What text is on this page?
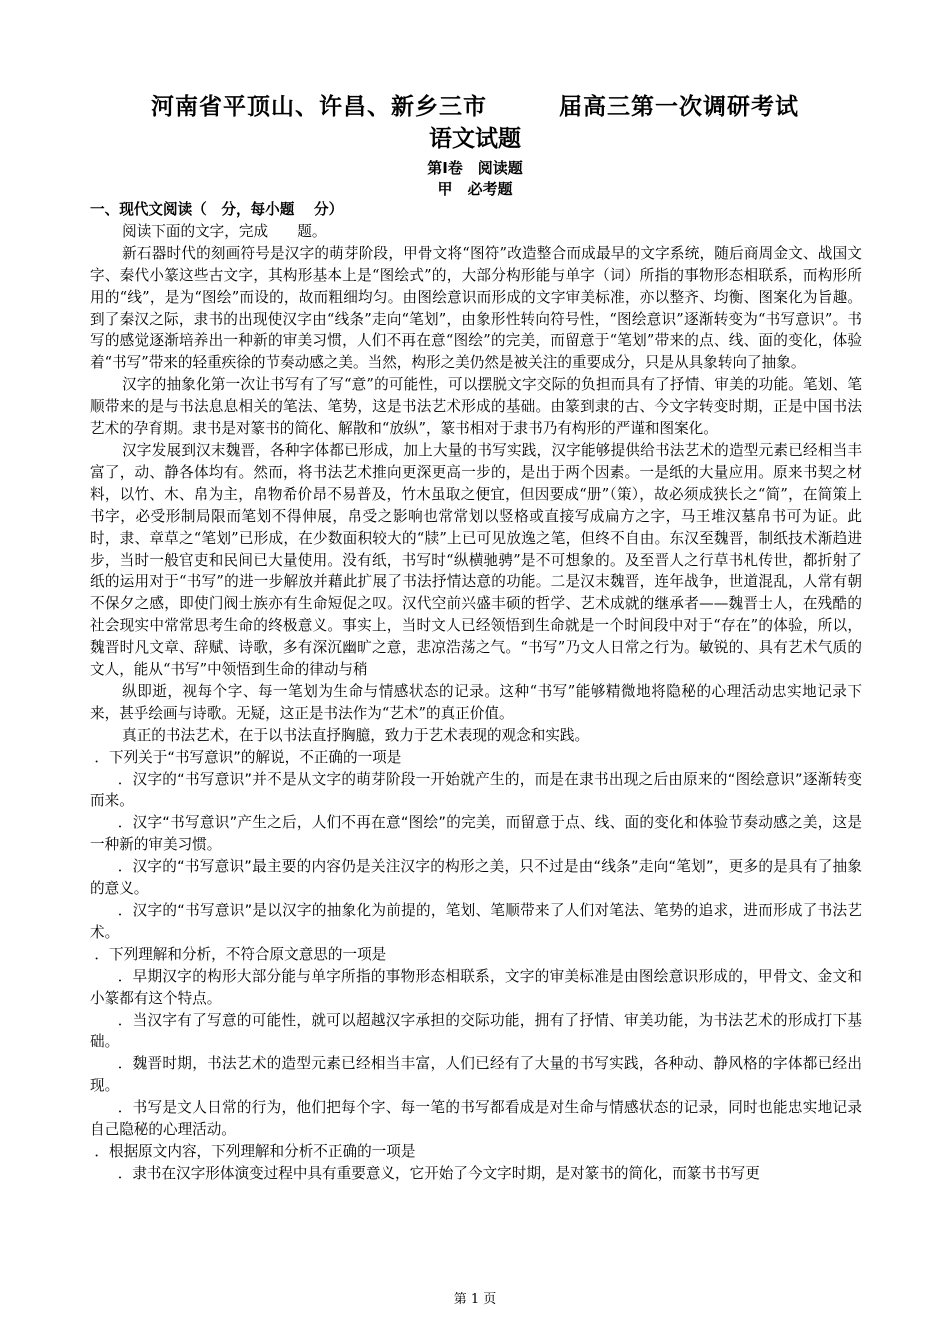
河南省平顶山、许昌、新乡三市　　　届高三第一次调研考试
语文试题
第Ⅰ卷　阅读题
甲　必考题

一、现代文阅读（　分，每小题　 分）

阅读下面的文字，完成　　题。

新石器时代的刻画符号是汉字的萌芽阶段，甲骨文将“图符”改造整合而成最早的文字系统，随后商周金文、战国文字、秦代小篆这些古文字，其构形基本上是“图绘式”的，大部分构形能与单字（词）所指的事物形态相联系，而构形所用的“线”，是为“图绘”而设的，故而粗细均匀。由图绘意识而形成的文字审美标准，亦以整齐、均衡、图案化为旨趣。到了秦汉之际，隶书的出现使汉字由“线条”走向“笔划”，由象形性转向符号性，“图绘意识”逐渐转变为“书写意识”。书写的感觉逐渐培养出一种新的审美习惯，人们不再在意“图绘”的完美，而留意于“笔划”带来的点、线、面的变化，体验着“书写”带来的轻重疾徐的节奏动感之美。当然，构形之美仍然是被关注的重要成分，只是从具象转向了抽象。

汉字的抽象化第一次让书写有了写“意”的可能性，可以摆脱文字交际的负担而具有了抒情、审美的功能。笔划、笔顺带来的是与书法息息相关的笔法、笔势，这是书法艺术形成的基础。由篆到隶的古、今文字转变时期，正是中国书法艺术的孕育期。隶书是对篆书的简化、解散和“放纵”，篆书相对于隶书乃有构形的严谨和图案化。

汉字发展到汉末魏晋，各种字体都已形成，加上大量的书写实践，汉字能够提供给书法艺术的造型元素已经相当丰富了，动、静各体均有。然而，将书法艺术推向更深更高一步的，是出于两个因素。一是纸的大量应用。原来书契之材料，以竹、木、帛为主，帛物希价昂不易普及，竹木虽取之便宜，但因要成“册”（策），故必须成狭长之“简”，在简策上书字，必受形制局限而笔划不得伸展，帛受之影响也常常划以竖格或直接写成扁方之字，马王堆汉墓帛书可为证。此时，隶、章草之“笔划”已形成，在少数面积较大的“牍”上已可见放逸之笔，但终不自由。东汉至魏晋，制纸技术渐趋进步，当时一般官吏和民间已大量使用。没有纸，书写时“纵横驰骋”是不可想象的。及至晋人之行草书札传世，都折射了纸的运用对于“书写”的进一步解放并藉此扩展了书法抒情达意的功能。二是汉末魏晋，连年战争，世道混乱，人常有朝不保夕之感，即使门阀士族亦有生命短促之叹。汉代空前兴盛丰硕的哲学、艺术成就的继承者——魏晋士人，在残酷的社会现实中常常思考生命的终极意义。事实上，当时文人已经领悟到生命就是一个时间段中对于“存在”的体验，所以，魏晋时凡文章、辞赋、诗歌，多有深沉幽旷之意，悲凉浩荡之气。“书写”乃文人日常之行为。敏锐的、具有艺术气质的文人，能从“书写”中领悟到生命的律动与稍

纵即逝，视每个字、每一笔划为生命与情感状态的记录。这种“书写”能够精微地将隐秘的心理活动忠实地记录下来，甚乎绘画与诗歌。无疑，这正是书法作为“艺术”的真正价值。

真正的书法艺术，在于以书法直抒胸臆，致力于艺术表现的观念和实践。

．下列关于“书写意识”的解说，不正确的一项是

．汉字的“书写意识”并不是从文字的萌芽阶段一开始就产生的，而是在隶书出现之后由原来的“图绘意识”逐渐转变而来。

．汉字“书写意识”产生之后，人们不再在意“图绘”的完美，而留意于点、线、面的变化和体验节奏动感之美，这是一种新的审美习惯。

．汉字的“书写意识”最主要的内容仍是关注汉字的构形之美，只不过是由“线条”走向“笔划”，更多的是具有了抽象的意义。

．汉字的“书写意识”是以汉字的抽象化为前提的，笔划、笔顺带来了人们对笔法、笔势的追求，进而形成了书法艺术。

．下列理解和分析，不符合原文意思的一项是

．早期汉字的构形大部分能与单字所指的事物形态相联系，文字的审美标准是由图绘意识形成的，甲骨文、金文和小篆都有这个特点。

．当汉字有了写意的可能性，就可以超越汉字承担的交际功能，拥有了抒情、审美功能，为书法艺术的形成打下基础。

．魏晋时期，书法艺术的造型元素已经相当丰富，人们已经有了大量的书写实践，各种动、静风格的字体都已经出现。

．书写是文人日常的行为，他们把每个字、每一笔的书写都看成是对生命与情感状态的记录，同时也能忠实地记录自己隐秘的心理活动。

．根据原文内容，下列理解和分析不正确的一项是

．隶书在汉字形体演变过程中具有重要意义，它开始了今文字时期，是对篆书的简化，而篆书书写更

第 1 页
